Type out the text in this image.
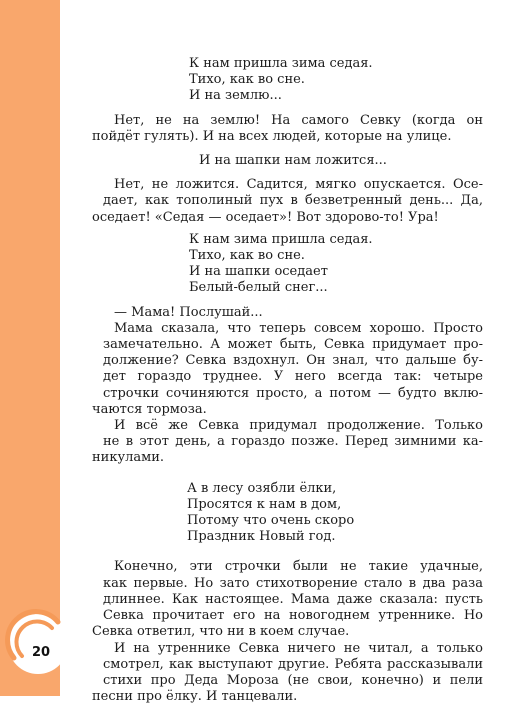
20
К нам пришла зима седая.
Тихо, как во сне.
И на землю...

Нет, не на землю! На самого Севку (когда он
пойдёт гулять). И на всех людей, которые на улице.

И на шапки нам ложится...

Нет, не ложится. Садится, мягко опускается. Осе-
дает, как тополиный пух в безветренный день... Да,
оседает! «Седая — оседает»! Вот здорово-то! Ура!

К нам зима пришла седая.
Тихо, как во сне.
И на шапки оседает
Белый-белый снег...

— Мама! Послушай...

Мама сказала, что теперь совсем хорошо. Просто
замечательно. А может быть, Севка придумает про-
должение? Севка вздохнул. Он знал, что дальше бу-
дет гораздо труднее. У него всегда так: четыре
строчки сочиняются просто, а потом — будто вклю-
чаются тормоза.

И всё же Севка придумал продолжение. Только
не в этот день, а гораздо позже. Перед зимними ка-
никулами.

А в лесу озябли ёлки,
Просятся к нам в дом,
Потому что очень скоро
Праздник Новый год.

Конечно, эти строчки были не такие удачные,
как первые. Но зато стихотворение стало в два раза
длиннее. Как настоящее. Мама даже сказала: пусть
Севка прочитает его на новогоднем утреннике. Но
Севка ответил, что ни в коем случае.

И на утреннике Севка ничего не читал, а только
смотрел, как выступают другие. Ребята рассказывали
стихи про Деда Мороза (не свои, конечно) и пели
песни про ёлку. И танцевали.
